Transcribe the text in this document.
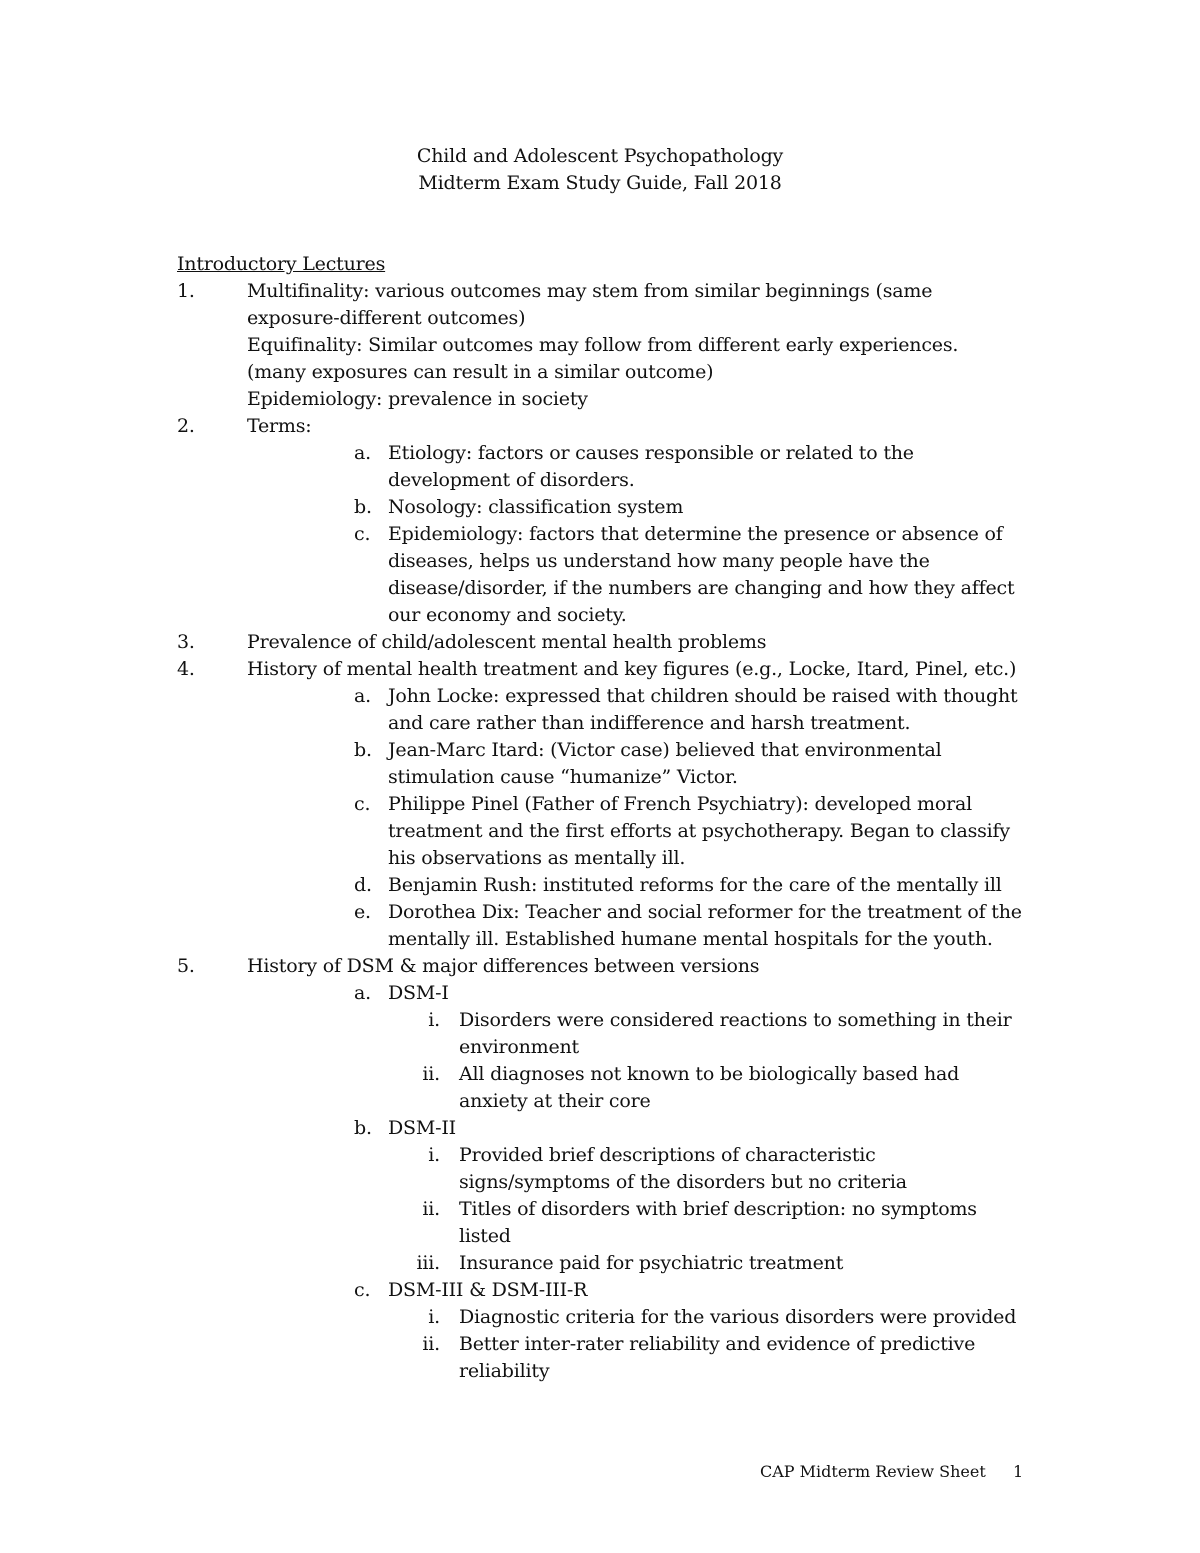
Child and Adolescent Psychopathology
Midterm Exam Study Guide, Fall 2018
Introductory Lectures
1.	Multifinality: various outcomes may stem from similar beginnings (same
exposure-different outcomes)
Equifinality: Similar outcomes may follow from different early experiences.
(many exposures can result in a similar outcome)
Epidemiology: prevalence in society
2.	Terms:
a. Etiology: factors or causes responsible or related to the
development of disorders.
b. Nosology: classification system
c. Epidemiology: factors that determine the presence or absence of
diseases, helps us understand how many people have the
disease/disorder, if the numbers are changing and how they affect
our economy and society.
3.	Prevalence of child/adolescent mental health problems
4.	History of mental health treatment and key figures (e.g., Locke, Itard, Pinel, etc.)
a. John Locke: expressed that children should be raised with thought
and care rather than indifference and harsh treatment.
b. Jean-Marc Itard: (Victor case) believed that environmental
stimulation cause “humanize” Victor.
c. Philippe Pinel (Father of French Psychiatry): developed moral
treatment and the first efforts at psychotherapy. Began to classify
his observations as mentally ill.
d. Benjamin Rush: instituted reforms for the care of the mentally ill
e. Dorothea Dix: Teacher and social reformer for the treatment of the
mentally ill. Established humane mental hospitals for the youth.
5.	History of DSM & major differences between versions
a. DSM-I
i. Disorders were considered reactions to something in their
environment
ii. All diagnoses not known to be biologically based had
anxiety at their core
b. DSM-II
i. Provided brief descriptions of characteristic
signs/symptoms of the disorders but no criteria
ii. Titles of disorders with brief description: no symptoms
listed
iii. Insurance paid for psychiatric treatment
c. DSM-III & DSM-III-R
i. Diagnostic criteria for the various disorders were provided
ii. Better inter-rater reliability and evidence of predictive
reliability
CAP Midterm Review Sheet 1
